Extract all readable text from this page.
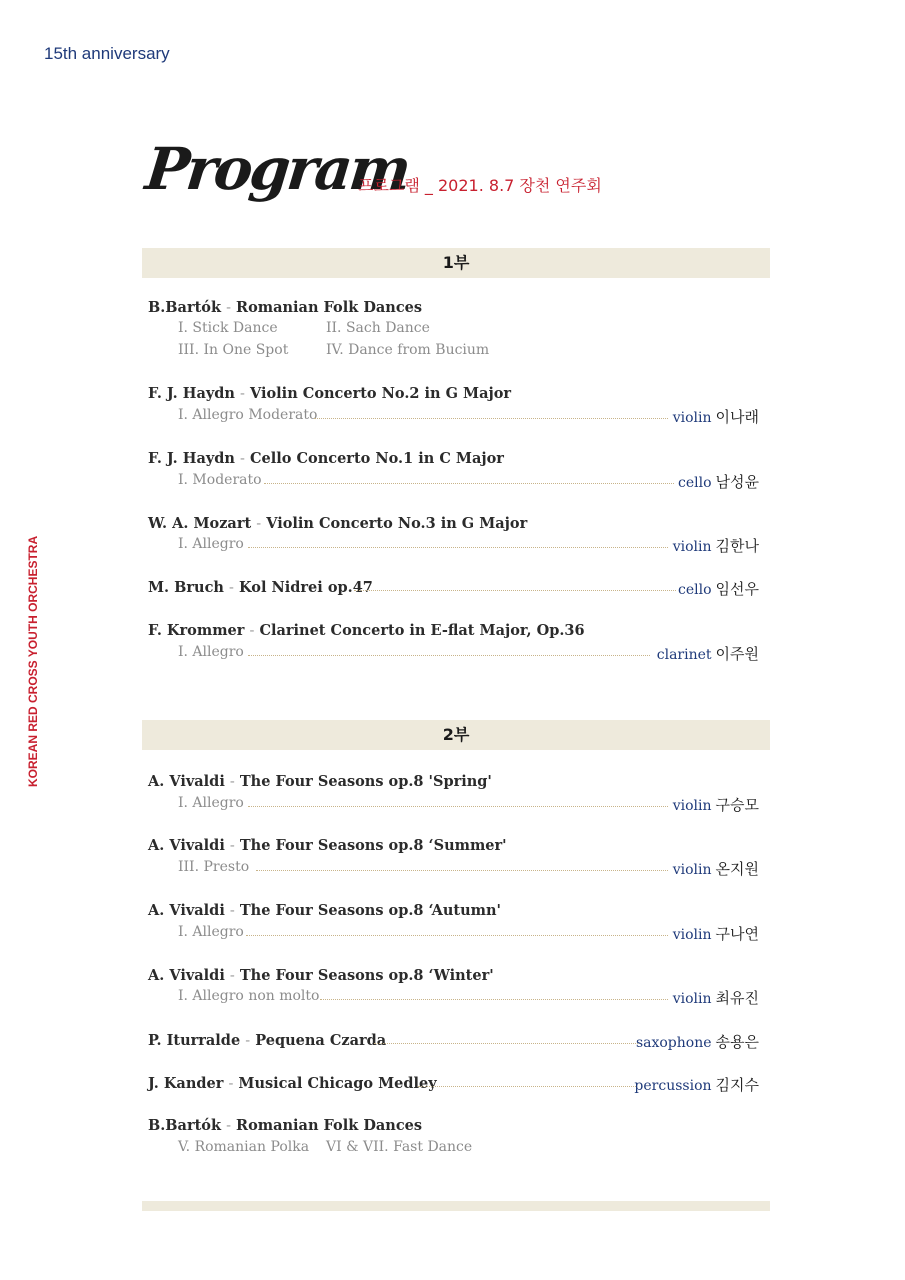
15th anniversary
KOREAN RED CROSS YOUTH ORCHESTRA
Program
프로그램 _ 2021. 8.7 장천 연주회
1부
B.Bartók - Romanian Folk Dances
I. Stick Dance	II. Sach Dance
III. In One Spot	IV. Dance from Bucium
F. J. Haydn - Violin Concerto No.2 in G Major
I. Allegro Moderato	violin 이나래
F. J. Haydn - Cello Concerto No.1 in C Major
I. Moderato	cello 남성윤
W. A. Mozart - Violin Concerto No.3 in G Major
I. Allegro	violin 김한나
M. Bruch - Kol Nidrei op.47	cello 임선우
F. Krommer - Clarinet Concerto in E-flat Major, Op.36
I. Allegro	clarinet 이주원
2부
A. Vivaldi - The Four Seasons op.8 'Spring'
I. Allegro	violin 구승모
A. Vivaldi - The Four Seasons op.8 ‘Summer'
III. Presto	violin 온지원
A. Vivaldi - The Four Seasons op.8 ‘Autumn'
I. Allegro	violin 구나연
A. Vivaldi - The Four Seasons op.8 ‘Winter'
I. Allegro non molto	violin 최유진
P. Iturralde - Pequena Czarda	saxophone 송용은
J. Kander - Musical Chicago Medley	percussion 김지수
B.Bartók - Romanian Folk Dances
V. Romanian Polka VI & VII. Fast Dance
